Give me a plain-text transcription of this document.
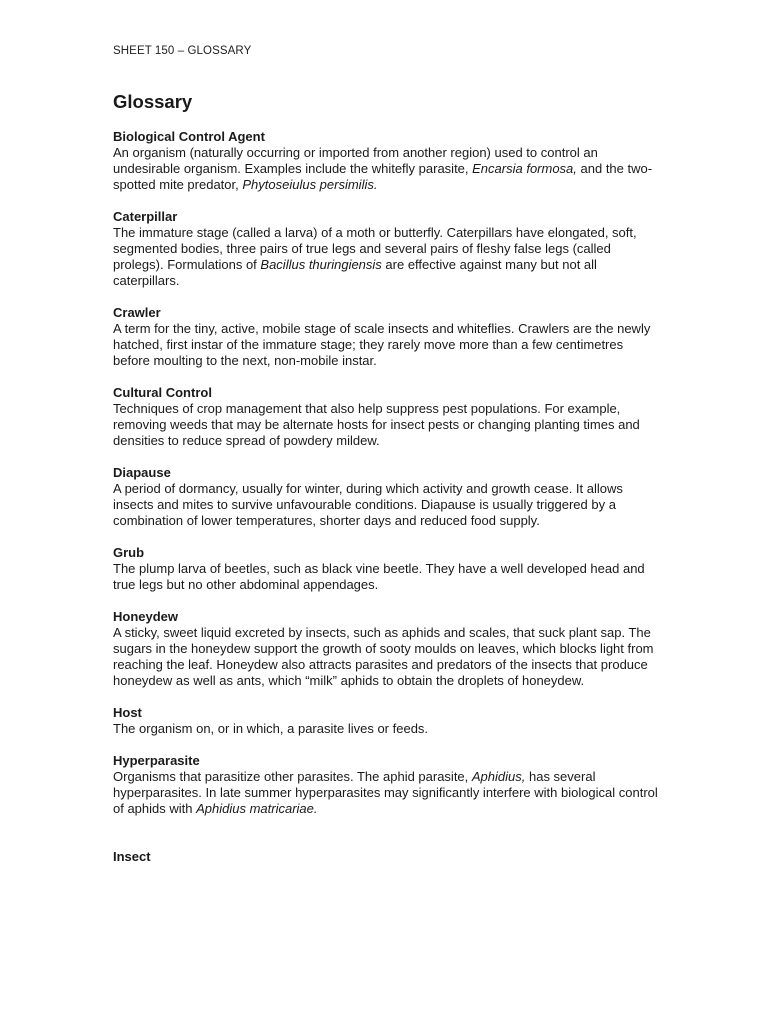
SHEET 150 – GLOSSARY
Glossary
Biological Control Agent

An organism (naturally occurring or imported from another region) used to control an undesirable organism. Examples include the whitefly parasite, Encarsia formosa, and the two-spotted mite predator, Phytoseiulus persimilis.

Caterpillar

The immature stage (called a larva) of a moth or butterfly. Caterpillars have elongated, soft, segmented bodies, three pairs of true legs and several pairs of fleshy false legs (called prolegs). Formulations of Bacillus thuringiensis are effective against many but not all caterpillars.

Crawler

A term for the tiny, active, mobile stage of scale insects and whiteflies. Crawlers are the newly hatched, first instar of the immature stage; they rarely move more than a few centimetres before moulting to the next, non-mobile instar.

Cultural Control

Techniques of crop management that also help suppress pest populations. For example, removing weeds that may be alternate hosts for insect pests or changing planting times and densities to reduce spread of powdery mildew.

Diapause

A period of dormancy, usually for winter, during which activity and growth cease. It allows insects and mites to survive unfavourable conditions. Diapause is usually triggered by a combination of lower temperatures, shorter days and reduced food supply.

Grub

The plump larva of beetles, such as black vine beetle. They have a well developed head and true legs but no other abdominal appendages.

Honeydew

A sticky, sweet liquid excreted by insects, such as aphids and scales, that suck plant sap. The sugars in the honeydew support the growth of sooty moulds on leaves, which blocks light from reaching the leaf. Honeydew also attracts parasites and predators of the insects that produce honeydew as well as ants, which “milk” aphids to obtain the droplets of honeydew.

Host

The organism on, or in which, a parasite lives or feeds.

Hyperparasite

Organisms that parasitize other parasites. The aphid parasite, Aphidius, has several hyperparasites. In late summer hyperparasites may significantly interfere with biological control of aphids with Aphidius matricariae.

Insect
